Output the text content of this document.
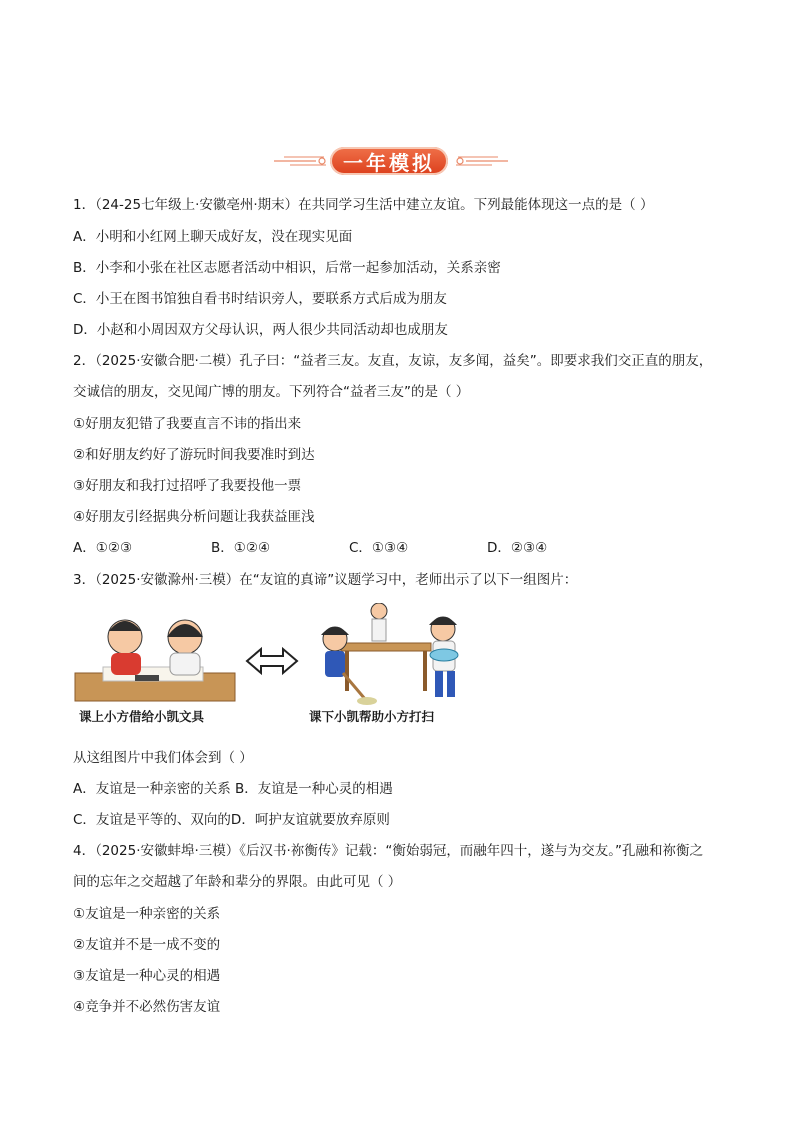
一年模拟
1．（24-25七年级上·安徽亳州·期末）在共同学习生活中建立友谊。下列最能体现这一点的是（ ）
A．小明和小红网上聊天成好友，没在现实见面
B．小李和小张在社区志愿者活动中相识，后常一起参加活动，关系亲密
C．小王在图书馆独自看书时结识旁人，要联系方式后成为朋友
D．小赵和小周因双方父母认识，两人很少共同活动却也成朋友
2．（2025·安徽合肥·二模）孔子曰：“益者三友。友直，友谅，友多闻，益矣”。即要求我们交正直的朋友，
交诚信的朋友，交见闻广博的朋友。下列符合“益者三友”的是（ ）
①好朋友犯错了我要直言不讳的指出来
②和好朋友约好了游玩时间我要准时到达
③好朋友和我打过招呼了我要投他一票
④好朋友引经据典分析问题让我获益匪浅
A．①②③	B．①②④	C．①③④	D．②③④
3．（2025·安徽滁州·三模）在“友谊的真谛”议题学习中，老师出示了以下一组图片：
课上小方借给小凯文具	课下小凯帮助小方打扫
从这组图片中我们体会到（ ）
A．友谊是一种亲密的关系 B．友谊是一种心灵的相遇
C．友谊是平等的、双向的D．呵护友谊就要放弃原则
4．（2025·安徽蚌埠·三模）《后汉书·祢衡传》记载：“衡始弱冠，而融年四十，遂与为交友。”孔融和祢衡之
间的忘年之交超越了年龄和辈分的界限。由此可见（ ）
①友谊是一种亲密的关系
②友谊并不是一成不变的
③友谊是一种心灵的相遇
④竞争并不必然伤害友谊
